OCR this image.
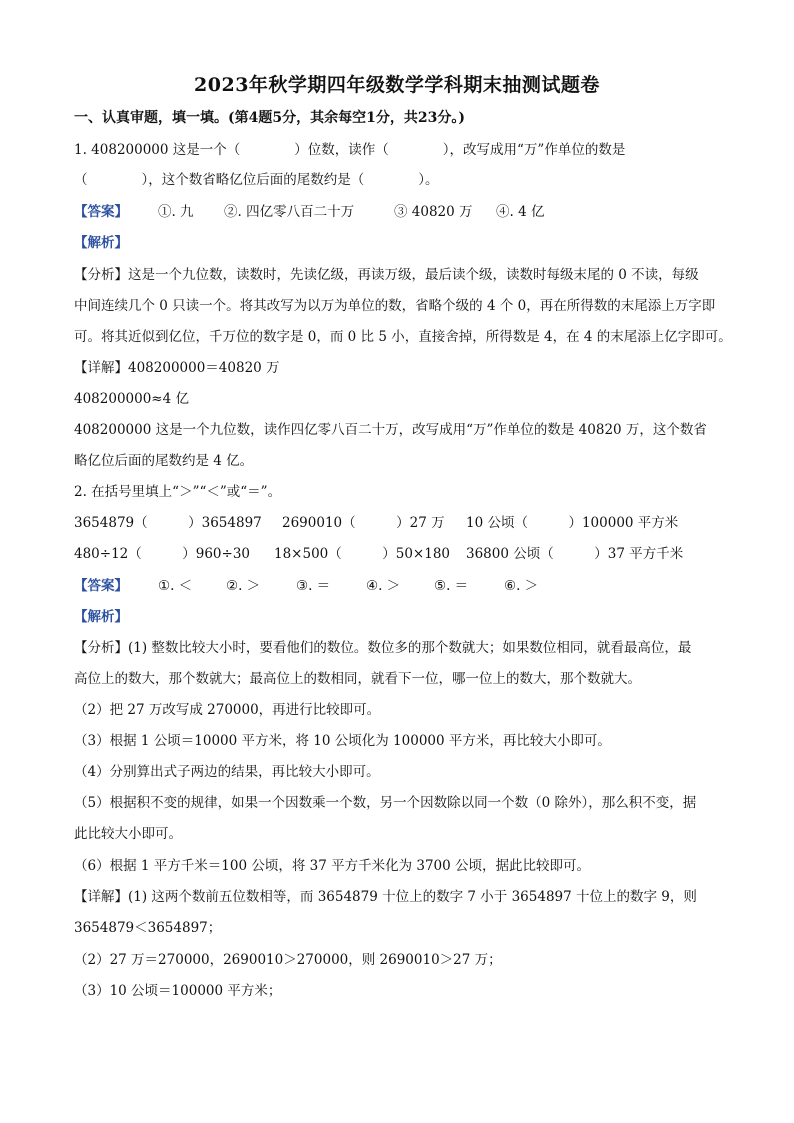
2023年秋学期四年级数学学科期末抽测试题卷
一、认真审题，填一填。(第4题5分，其余每空1分，共23分。)
1. 408200000 这是一个（　　　　）位数，读作（　　　　），改写成用“万”作单位的数是
（　　　　），这个数省略亿位后面的尾数约是（　　　　）。
【答案】 ①. 九 ②. 四亿零八百二十万	③ 40820 万 ④. 4 亿
【解析】
【分析】这是一个九位数，读数时，先读亿级，再读万级，最后读个级，读数时每级末尾的 0 不读，每级
中间连续几个 0 只读一个。将其改写为以万为单位的数，省略个级的 4 个 0，再在所得数的末尾添上万字即
可。将其近似到亿位，千万位的数字是 0，而 0 比 5 小，直接舍掉，所得数是 4，在 4 的末尾添上亿字即可。
【详解】408200000＝40820 万
408200000≈4 亿
408200000 这是一个九位数，读作四亿零八百二十万，改写成用“万”作单位的数是 40820 万，这个数省
略亿位后面的尾数约是 4 亿。
2. 在括号里填上“＞”“＜”或“＝”。
3654879（　　　）3654897 2690010（　　　）27 万 10 公顷（　　　）100000 平方米
480÷12（　　　）960÷30 18×500（　　　）50×180 36800 公顷（　　　）37 平方千米
【答案】 ①. ＜	②. ＞	③. ＝	④. ＞	⑤. ＝	⑥. ＞
【解析】
【分析】(1) 整数比较大小时，要看他们的数位。数位多的那个数就大；如果数位相同，就看最高位，最
高位上的数大，那个数就大；最高位上的数相同，就看下一位，哪一位上的数大，那个数就大。
（2）把 27 万改写成 270000，再进行比较即可。
（3）根据 1 公顷＝10000 平方米，将 10 公顷化为 100000 平方米，再比较大小即可。
（4）分别算出式子两边的结果，再比较大小即可。
（5）根据积不变的规律，如果一个因数乘一个数，另一个因数除以同一个数（0 除外），那么积不变，据
此比较大小即可。
（6）根据 1 平方千米＝100 公顷，将 37 平方千米化为 3700 公顷，据此比较即可。
【详解】(1) 这两个数前五位数相等，而 3654879 十位上的数字 7 小于 3654897 十位上的数字 9，则
3654879＜3654897；
（2）27 万＝270000，2690010＞270000，则 2690010＞27 万；
（3）10 公顷＝100000 平方米；
